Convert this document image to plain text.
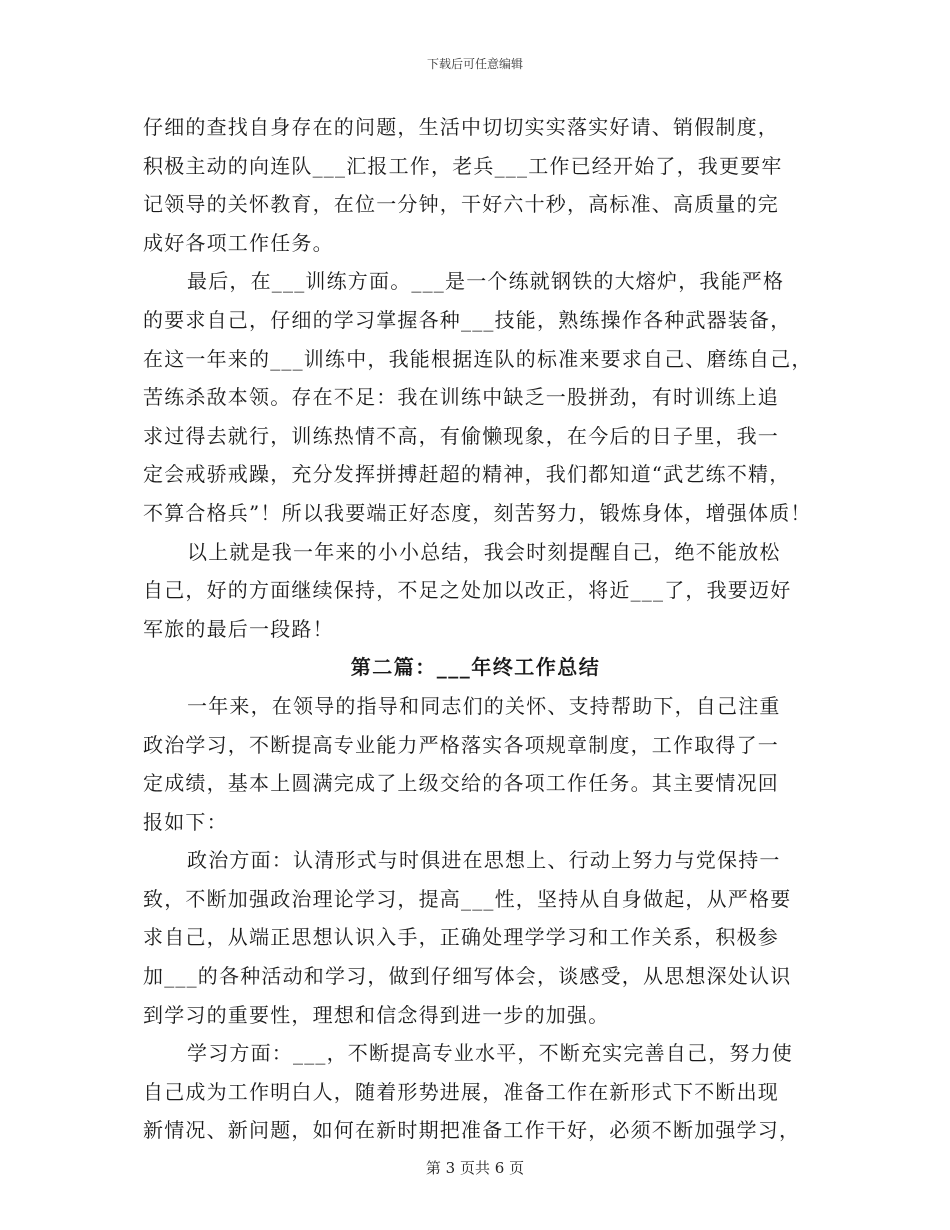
下载后可任意编辑
仔细的查找自身存在的问题，生活中切切实实落实好请、销假制度，
积极主动的向连队___汇报工作，老兵___工作已经开始了，我更要牢
记领导的关怀教育，在位一分钟，干好六十秒，高标准、高质量的完
成好各项工作任务。
最后，在___训练方面。___是一个练就钢铁的大熔炉，我能严格
的要求自己，仔细的学习掌握各种___技能，熟练操作各种武器装备，
在这一年来的___训练中，我能根据连队的标准来要求自己、磨练自己，
苦练杀敌本领。存在不足：我在训练中缺乏一股拼劲，有时训练上追
求过得去就行，训练热情不高，有偷懒现象，在今后的日子里，我一
定会戒骄戒躁，充分发挥拼搏赶超的精神，我们都知道“武艺练不精，
不算合格兵”！所以我要端正好态度，刻苦努力，锻炼身体，增强体质！
以上就是我一年来的小小总结，我会时刻提醒自己，绝不能放松
自己，好的方面继续保持，不足之处加以改正，将近___了，我要迈好
军旅的最后一段路！
第二篇：___年终工作总结
一年来，在领导的指导和同志们的关怀、支持帮助下，自己注重
政治学习，不断提高专业能力严格落实各项规章制度，工作取得了一
定成绩，基本上圆满完成了上级交给的各项工作任务。其主要情况回
报如下：
政治方面：认清形式与时俱进在思想上、行动上努力与党保持一
致，不断加强政治理论学习，提高___性，坚持从自身做起，从严格要
求自己，从端正思想认识入手，正确处理学学习和工作关系，积极参
加___的各种活动和学习，做到仔细写体会，谈感受，从思想深处认识
到学习的重要性，理想和信念得到进一步的加强。
学习方面：___，不断提高专业水平，不断充实完善自己，努力使
自己成为工作明白人，随着形势进展，准备工作在新形式下不断出现
新情况、新问题，如何在新时期把准备工作干好，必须不断加强学习，
第 3 页共 6 页
